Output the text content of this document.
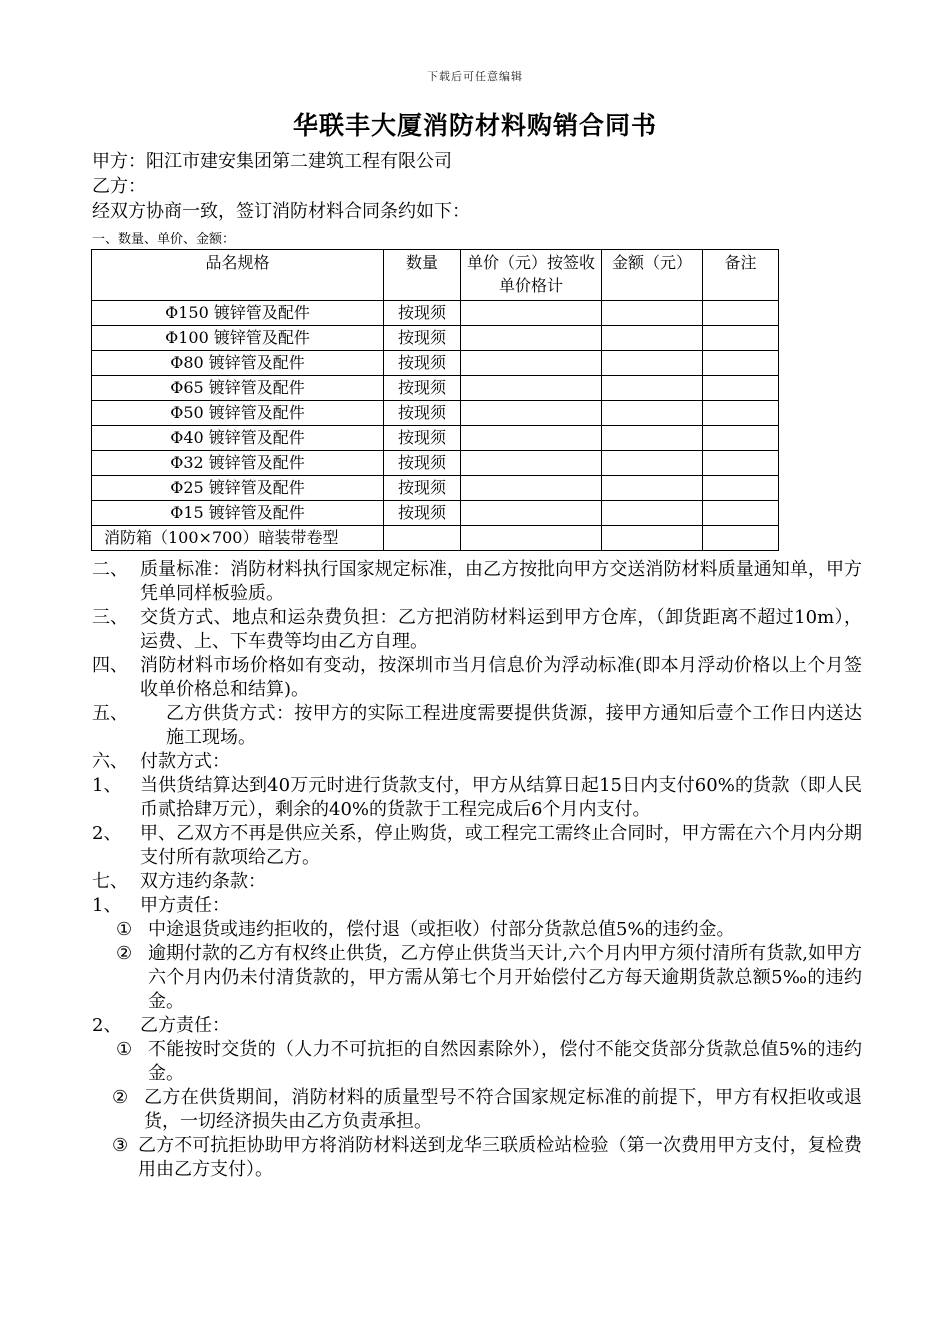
下载后可任意编辑
华联丰大厦消防材料购销合同书
甲方：阳江市建安集团第二建筑工程有限公司
乙方：
经双方协商一致，签订消防材料合同条约如下：
一、数量、单价、金额：
品名规格	数量	单价（元）按签收单价格计	金额（元）	备注
Φ150 镀锌管及配件	按现须			
Φ100 镀锌管及配件	按现须			
Φ80 镀锌管及配件	按现须			
Φ65 镀锌管及配件	按现须			
Φ50 镀锌管及配件	按现须			
Φ40 镀锌管及配件	按现须			
Φ32 镀锌管及配件	按现须			
Φ25 镀锌管及配件	按现须			
Φ15 镀锌管及配件	按现须			
消防箱（100×700）暗装带卷型				
二、 质量标准：消防材料执行国家规定标准，由乙方按批向甲方交送消防材料质量通知单，甲方凭单同样板验质。
三、 交货方式、地点和运杂费负担：乙方把消防材料运到甲方仓库，（卸货距离不超过10m），运费、上、下车费等均由乙方自理。
四、 消防材料市场价格如有变动，按深圳市当月信息价为浮动标准(即本月浮动价格以上个月签收单价格总和结算)。
五、 乙方供货方式：按甲方的实际工程进度需要提供货源，接甲方通知后壹个工作日内送达施工现场。
六、 付款方式：
1、 当供货结算达到40万元时进行货款支付，甲方从结算日起15日内支付60%的货款（即人民币贰拾肆万元），剩余的40%的货款于工程完成后6个月内支付。
2、 甲、乙双方不再是供应关系，停止购货，或工程完工需终止合同时，甲方需在六个月内分期支付所有款项给乙方。
七、 双方违约条款：
1、 甲方责任：
① 中途退货或违约拒收的，偿付退（或拒收）付部分货款总值5%的违约金。
② 逾期付款的乙方有权终止供货，乙方停止供货当天计,六个月内甲方须付清所有货款,如甲方六个月内仍未付清货款的，甲方需从第七个月开始偿付乙方每天逾期货款总额5‰的违约金。
2、 乙方责任：
① 不能按时交货的（人力不可抗拒的自然因素除外），偿付不能交货部分货款总值5%的违约金。
② 乙方在供货期间，消防材料的质量型号不符合国家规定标准的前提下，甲方有权拒收或退货，一切经济损失由乙方负责承担。
③ 乙方不可抗拒协助甲方将消防材料送到龙华三联质检站检验（第一次费用甲方支付，复检费用由乙方支付）。
